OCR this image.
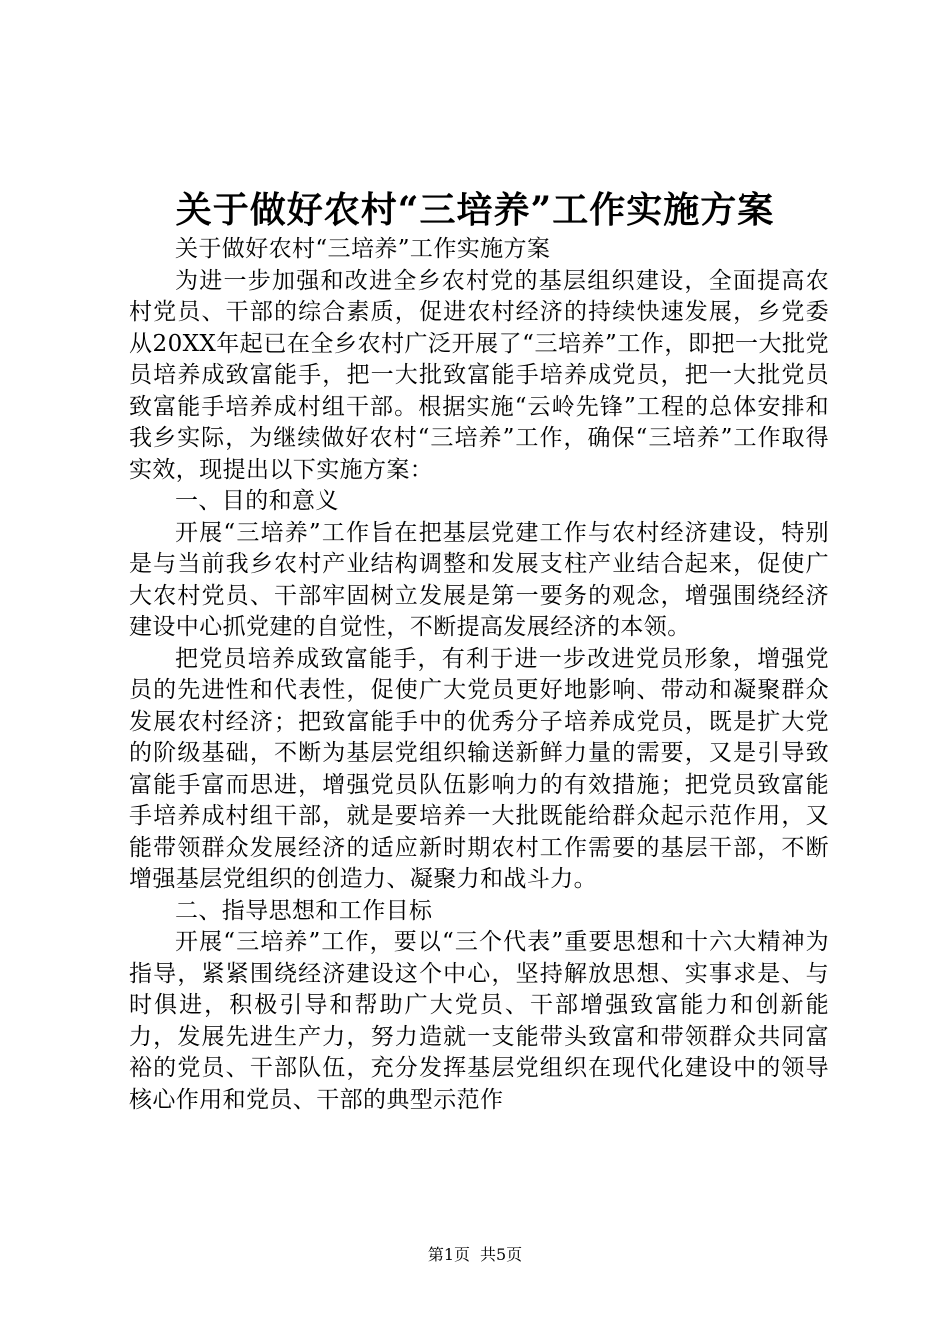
关于做好农村“三培养”工作实施方案

关于做好农村“三培养”工作实施方案

为进一步加强和改进全乡农村党的基层组织建设，全面提高农村党员、干部的综合素质，促进农村经济的持续快速发展，乡党委从20XX年起已在全乡农村广泛开展了“三培养”工作，即把一大批党员培养成致富能手，把一大批致富能手培养成党员，把一大批党员致富能手培养成村组干部。根据实施“云岭先锋”工程的总体安排和我乡实际，为继续做好农村“三培养”工作，确保“三培养”工作取得实效，现提出以下实施方案：

一、目的和意义

开展“三培养”工作旨在把基层党建工作与农村经济建设，特别是与当前我乡农村产业结构调整和发展支柱产业结合起来，促使广大农村党员、干部牢固树立发展是第一要务的观念，增强围绕经济建设中心抓党建的自觉性，不断提高发展经济的本领。

把党员培养成致富能手，有利于进一步改进党员形象，增强党员的先进性和代表性，促使广大党员更好地影响、带动和凝聚群众发展农村经济；把致富能手中的优秀分子培养成党员，既是扩大党的阶级基础，不断为基层党组织输送新鲜力量的需要，又是引导致富能手富而思进，增强党员队伍影响力的有效措施；把党员致富能手培养成村组干部，就是要培养一大批既能给群众起示范作用，又能带领群众发展经济的适应新时期农村工作需要的基层干部，不断增强基层党组织的创造力、凝聚力和战斗力。

二、指导思想和工作目标

开展“三培养”工作，要以“三个代表”重要思想和十六大精神为指导，紧紧围绕经济建设这个中心，坚持解放思想、实事求是、与时俱进，积极引导和帮助广大党员、干部增强致富能力和创新能力，发展先进生产力，努力造就一支能带头致富和带领群众共同富裕的党员、干部队伍，充分发挥基层党组织在现代化建设中的领导核心作用和党员、干部的典型示范作

第1页 共5页
